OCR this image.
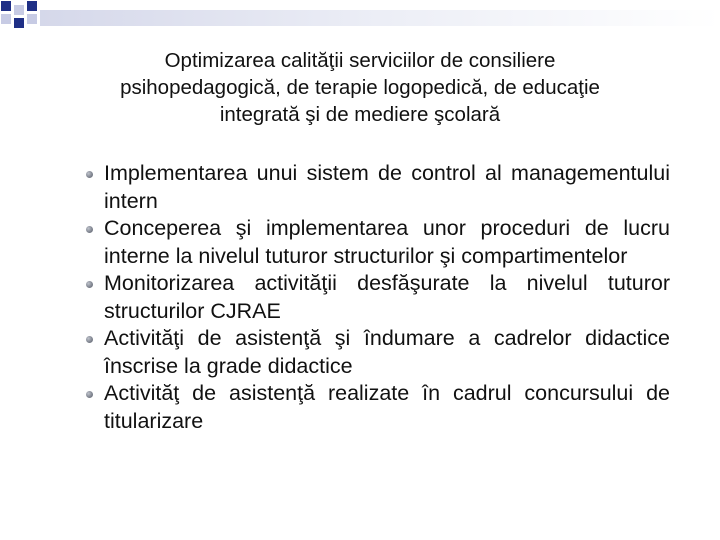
Optimizarea calităţii serviciilor de consiliere
psihopedagogică, de terapie logopedică, de educaţie
integrată şi de mediere şcolară
Implementarea unui sistem de control al managementului intern
Conceperea şi implementarea unor proceduri de lucru interne la nivelul tuturor structurilor şi compartimentelor
Monitorizarea activităţii desfăşurate la nivelul tuturor structurilor CJRAE
Activităţi de asistenţă şi îndumare a cadrelor didactice înscrise la grade didactice
Activităţ de asistenţă realizate în cadrul concursului de titularizare
